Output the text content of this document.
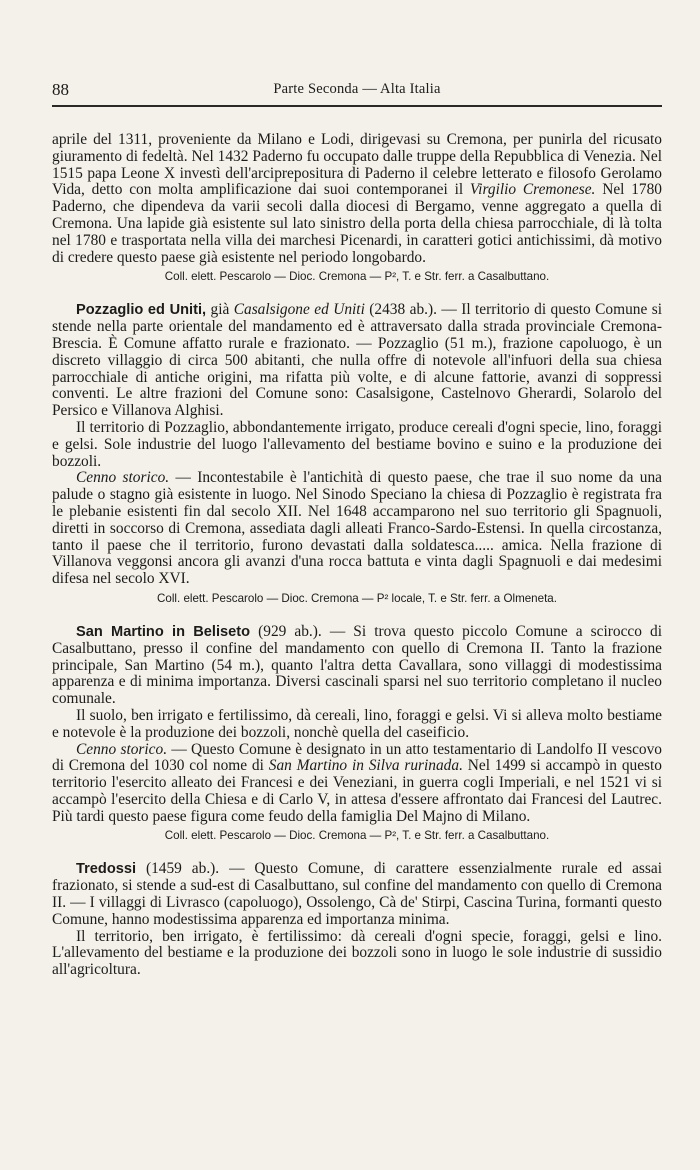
88	Parte Seconda — Alta Italia

aprile del 1311, proveniente da Milano e Lodi, dirigevasi su Cremona, per punirla del ricusato giuramento di fedeltà. Nel 1432 Paderno fu occupato dalle truppe della Repubblica di Venezia. Nel 1515 papa Leone X investì dell'arciprepositura di Paderno il celebre letterato e filosofo Gerolamo Vida, detto con molta amplificazione dai suoi contemporanei il Virgilio Cremonese. Nel 1780 Paderno, che dipendeva da varii secoli dalla diocesi di Bergamo, venne aggregato a quella di Cremona. Una lapide già esistente sul lato sinistro della porta della chiesa parrocchiale, di là tolta nel 1780 e trasportata nella villa dei marchesi Picenardi, in caratteri gotici antichissimi, dà motivo di credere questo paese già esistente nel periodo longobardo.

Coll. elett. Pescarolo — Dioc. Cremona — P², T. e Str. ferr. a Casalbuttano.

Pozzaglio ed Uniti, già Casalsigone ed Uniti (2438 ab.). — Il territorio di questo Comune si stende nella parte orientale del mandamento ed è attraversato dalla strada provinciale Cremona-Brescia. È Comune affatto rurale e frazionato. — Pozzaglio (51 m.), frazione capoluogo, è un discreto villaggio di circa 500 abitanti, che nulla offre di notevole all'infuori della sua chiesa parrocchiale di antiche origini, ma rifatta più volte, e di alcune fattorie, avanzi di soppressi conventi. Le altre frazioni del Comune sono: Casalsigone, Castelnovo Gherardi, Solarolo del Persico e Villanova Alghisi.

Il territorio di Pozzaglio, abbondantemente irrigato, produce cereali d'ogni specie, lino, foraggi e gelsi. Sole industrie del luogo l'allevamento del bestiame bovino e suino e la produzione dei bozzoli.

Cenno storico. — Incontestabile è l'antichità di questo paese, che trae il suo nome da una palude o stagno già esistente in luogo. Nel Sinodo Speciano la chiesa di Pozzaglio è registrata fra le plebanie esistenti fin dal secolo XII. Nel 1648 accamparono nel suo territorio gli Spagnuoli, diretti in soccorso di Cremona, assediata dagli alleati Franco-Sardo-Estensi. In quella circostanza, tanto il paese che il territorio, furono devastati dalla soldatesca..... amica. Nella frazione di Villanova veggonsi ancora gli avanzi d'una rocca battuta e vinta dagli Spagnuoli e dai medesimi difesa nel secolo XVI.

Coll. elett. Pescarolo — Dioc. Cremona — P² locale, T. e Str. ferr. a Olmeneta.

San Martino in Beliseto (929 ab.). — Si trova questo piccolo Comune a scirocco di Casalbuttano, presso il confine del mandamento con quello di Cremona II. Tanto la frazione principale, San Martino (54 m.), quanto l'altra detta Cavallara, sono villaggi di modestissima apparenza e di minima importanza. Diversi cascinali sparsi nel suo territorio completano il nucleo comunale.

Il suolo, ben irrigato e fertilissimo, dà cereali, lino, foraggi e gelsi. Vi si alleva molto bestiame e notevole è la produzione dei bozzoli, nonchè quella del caseificio.

Cenno storico. — Questo Comune è designato in un atto testamentario di Landolfo II vescovo di Cremona del 1030 col nome di San Martino in Silva rurinada. Nel 1499 si accampò in questo territorio l'esercito alleato dei Francesi e dei Veneziani, in guerra cogli Imperiali, e nel 1521 vi si accampò l'esercito della Chiesa e di Carlo V, in attesa d'essere affrontato dai Francesi del Lautrec. Più tardi questo paese figura come feudo della famiglia Del Majno di Milano.

Coll. elett. Pescarolo — Dioc. Cremona — P², T. e Str. ferr. a Casalbuttano.

Tredossi (1459 ab.). — Questo Comune, di carattere essenzialmente rurale ed assai frazionato, si stende a sud-est di Casalbuttano, sul confine del mandamento con quello di Cremona II. — I villaggi di Livrasco (capoluogo), Ossolengo, Cà de' Stirpi, Cascina Turina, formanti questo Comune, hanno modestissima apparenza ed importanza minima.

Il territorio, ben irrigato, è fertilissimo: dà cereali d'ogni specie, foraggi, gelsi e lino. L'allevamento del bestiame e la produzione dei bozzoli sono in luogo le sole industrie di sussidio all'agricoltura.
